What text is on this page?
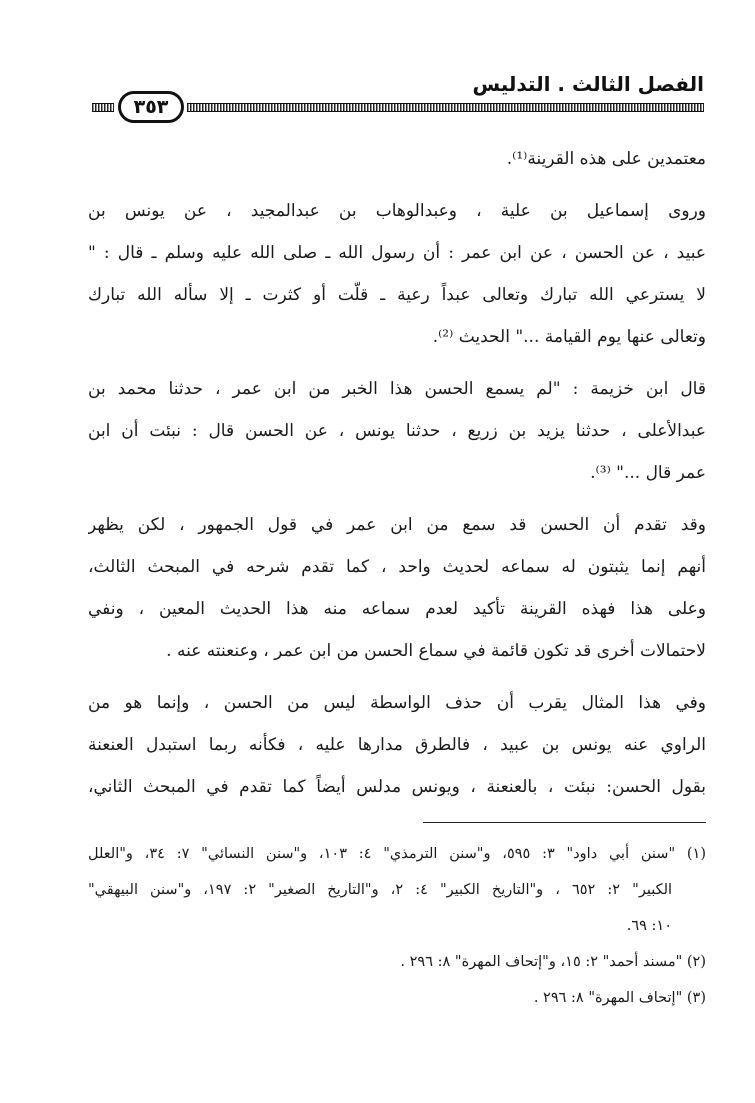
الفصل الثالث . التدليس
٣٥٣
معتمدين على هذه القرينة⁽¹⁾.
وروى إسماعيل بن علية ، وعبدالوهاب بن عبدالمجيد ، عن يونس بن
عبيد ، عن الحسن ، عن ابن عمر : أن رسول الله ـ صلى الله عليه وسلم ـ قال : "
لا يسترعي الله تبارك وتعالى عبداً رعية ـ قلّت أو كثرت ـ إلا سأله الله تبارك
وتعالى عنها يوم القيامة ..." الحديث ⁽²⁾.
قال ابن خزيمة : "لم يسمع الحسن هذا الخبر من ابن عمر ، حدثنا محمد بن
عبدالأعلى ، حدثنا يزيد بن زريع ، حدثنا يونس ، عن الحسن قال : نبئت أن ابن
عمر قال ..." ⁽³⁾.
وقد تقدم أن الحسن قد سمع من ابن عمر في قول الجمهور ، لكن يظهر
أنهم إنما يثبتون له سماعه لحديث واحد ، كما تقدم شرحه في المبحث الثالث،
وعلى هذا فهذه القرينة تأكيد لعدم سماعه منه هذا الحديث المعين ، ونفي
لاحتمالات أخرى قد تكون قائمة في سماع الحسن من ابن عمر ، وعنعنته عنه .
وفي هذا المثال يقرب أن حذف الواسطة ليس من الحسن ، وإنما هو من
الراوي عنه يونس بن عبيد ، فالطرق مدارها عليه ، فكأنه ربما استبدل العنعنة
بقول الحسن: نبئت ، بالعنعنة ، ويونس مدلس أيضاً كما تقدم في المبحث الثاني،
(١) "سنن أبي داود" ٣: ٥٩٥، و"سنن الترمذي" ٤: ١٠٣، و"سنن النسائي" ٧: ٣٤، و"العلل
الكبير" ٢: ٦٥٢ ، و"التاريخ الكبير" ٤: ٢، و"التاريخ الصغير" ٢: ١٩٧، و"سنن البيهقي"
١٠: ٦٩.
(٢) "مسند أحمد" ٢: ١٥، و"إتحاف المهرة" ٨: ٢٩٦ .
(٣) "إتحاف المهرة" ٨: ٢٩٦ .
